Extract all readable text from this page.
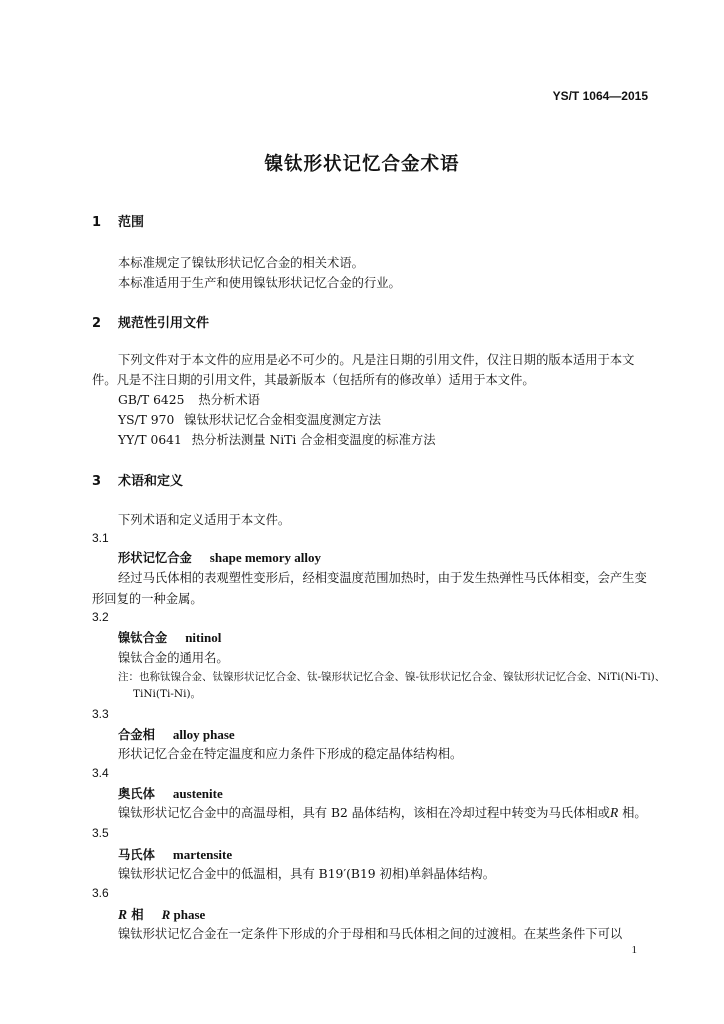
YS/T 1064—2015
镍钛形状记忆合金术语
1 范围
本标准规定了镍钛形状记忆合金的相关术语。
本标准适用于生产和使用镍钛形状记忆合金的行业。
2 规范性引用文件
下列文件对于本文件的应用是必不可少的。凡是注日期的引用文件，仅注日期的版本适用于本文
件。凡是不注日期的引用文件，其最新版本（包括所有的修改单）适用于本文件。
GB/T 6425 热分析术语
YS/T 970 镍钛形状记忆合金相变温度测定方法
YY/T 0641 热分析法测量 NiTi 合金相变温度的标准方法
3 术语和定义
下列术语和定义适用于本文件。
3.1
形状记忆合金 shape memory alloy
经过马氏体相的表观塑性变形后，经相变温度范围加热时，由于发生热弹性马氏体相变，会产生变
形回复的一种金属。
3.2
镍钛合金 nitinol
镍钛合金的通用名。
注：也称钛镍合金、钛镍形状记忆合金、钛-镍形状记忆合金、镍-钛形状记忆合金、镍钛形状记忆合金、NiTi(Ni-Ti)、
TiNi(Ti-Ni)。
3.3
合金相 alloy phase
形状记忆合金在特定温度和应力条件下形成的稳定晶体结构相。
3.4
奥氏体 austenite
镍钛形状记忆合金中的高温母相，具有 B2 晶体结构，该相在冷却过程中转变为马氏体相或R 相。
3.5
马氏体 martensite
镍钛形状记忆合金中的低温相，具有 B19′(B19 初相)单斜晶体结构。
3.6
R 相 R phase
镍钛形状记忆合金在一定条件下形成的介于母相和马氏体相之间的过渡相。在某些条件下可以
1
